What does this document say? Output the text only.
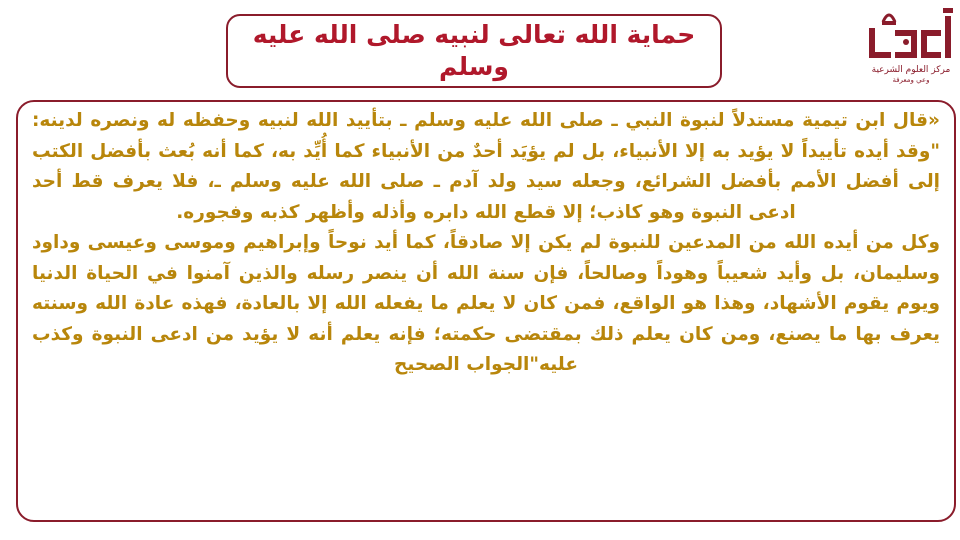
حماية الله تعالى لنبيه صلى الله عليه وسلم	مركز العلوم الشرعية
وعي ومعرفة

«قال ابن تيمية مستدلاً لنبوة النبي ـ صلى الله عليه وسلم ـ بتأييد الله لنبيه وحفظه له ونصره لدينه: "وقد أيده تأييداً لا يؤيد به إلا الأنبياء، بل لم يؤيَد أحدٌ من الأنبياء كما أُيِّد به، كما أنه بُعث بأفضل الكتب إلى أفضل الأمم بأفضل الشرائع، وجعله سيد ولد آدم ـ صلى الله عليه وسلم ـ، فلا يعرف قط أحد ادعى النبوة وهو كاذب؛ إلا قطع الله دابره وأذله وأظهر كذبه وفجوره.

وكل من أيده الله من المدعين للنبوة لم يكن إلا صادقاً، كما أيد نوحاً وإبراهيم وموسى وعيسى وداود وسليمان، بل وأيد شعيباً وهوداً وصالحاً، فإن سنة الله أن ينصر رسله والذين آمنوا في الحياة الدنيا ويوم يقوم الأشهاد، وهذا هو الواقع، فمن كان لا يعلم ما يفعله الله إلا بالعادة، فهذه عادة الله وسنته يعرف بها ما يصنع، ومن كان يعلم ذلك بمقتضى حكمته؛ فإنه يعلم أنه لا يؤيد من ادعى النبوة وكذب عليه"الجواب الصحيح
